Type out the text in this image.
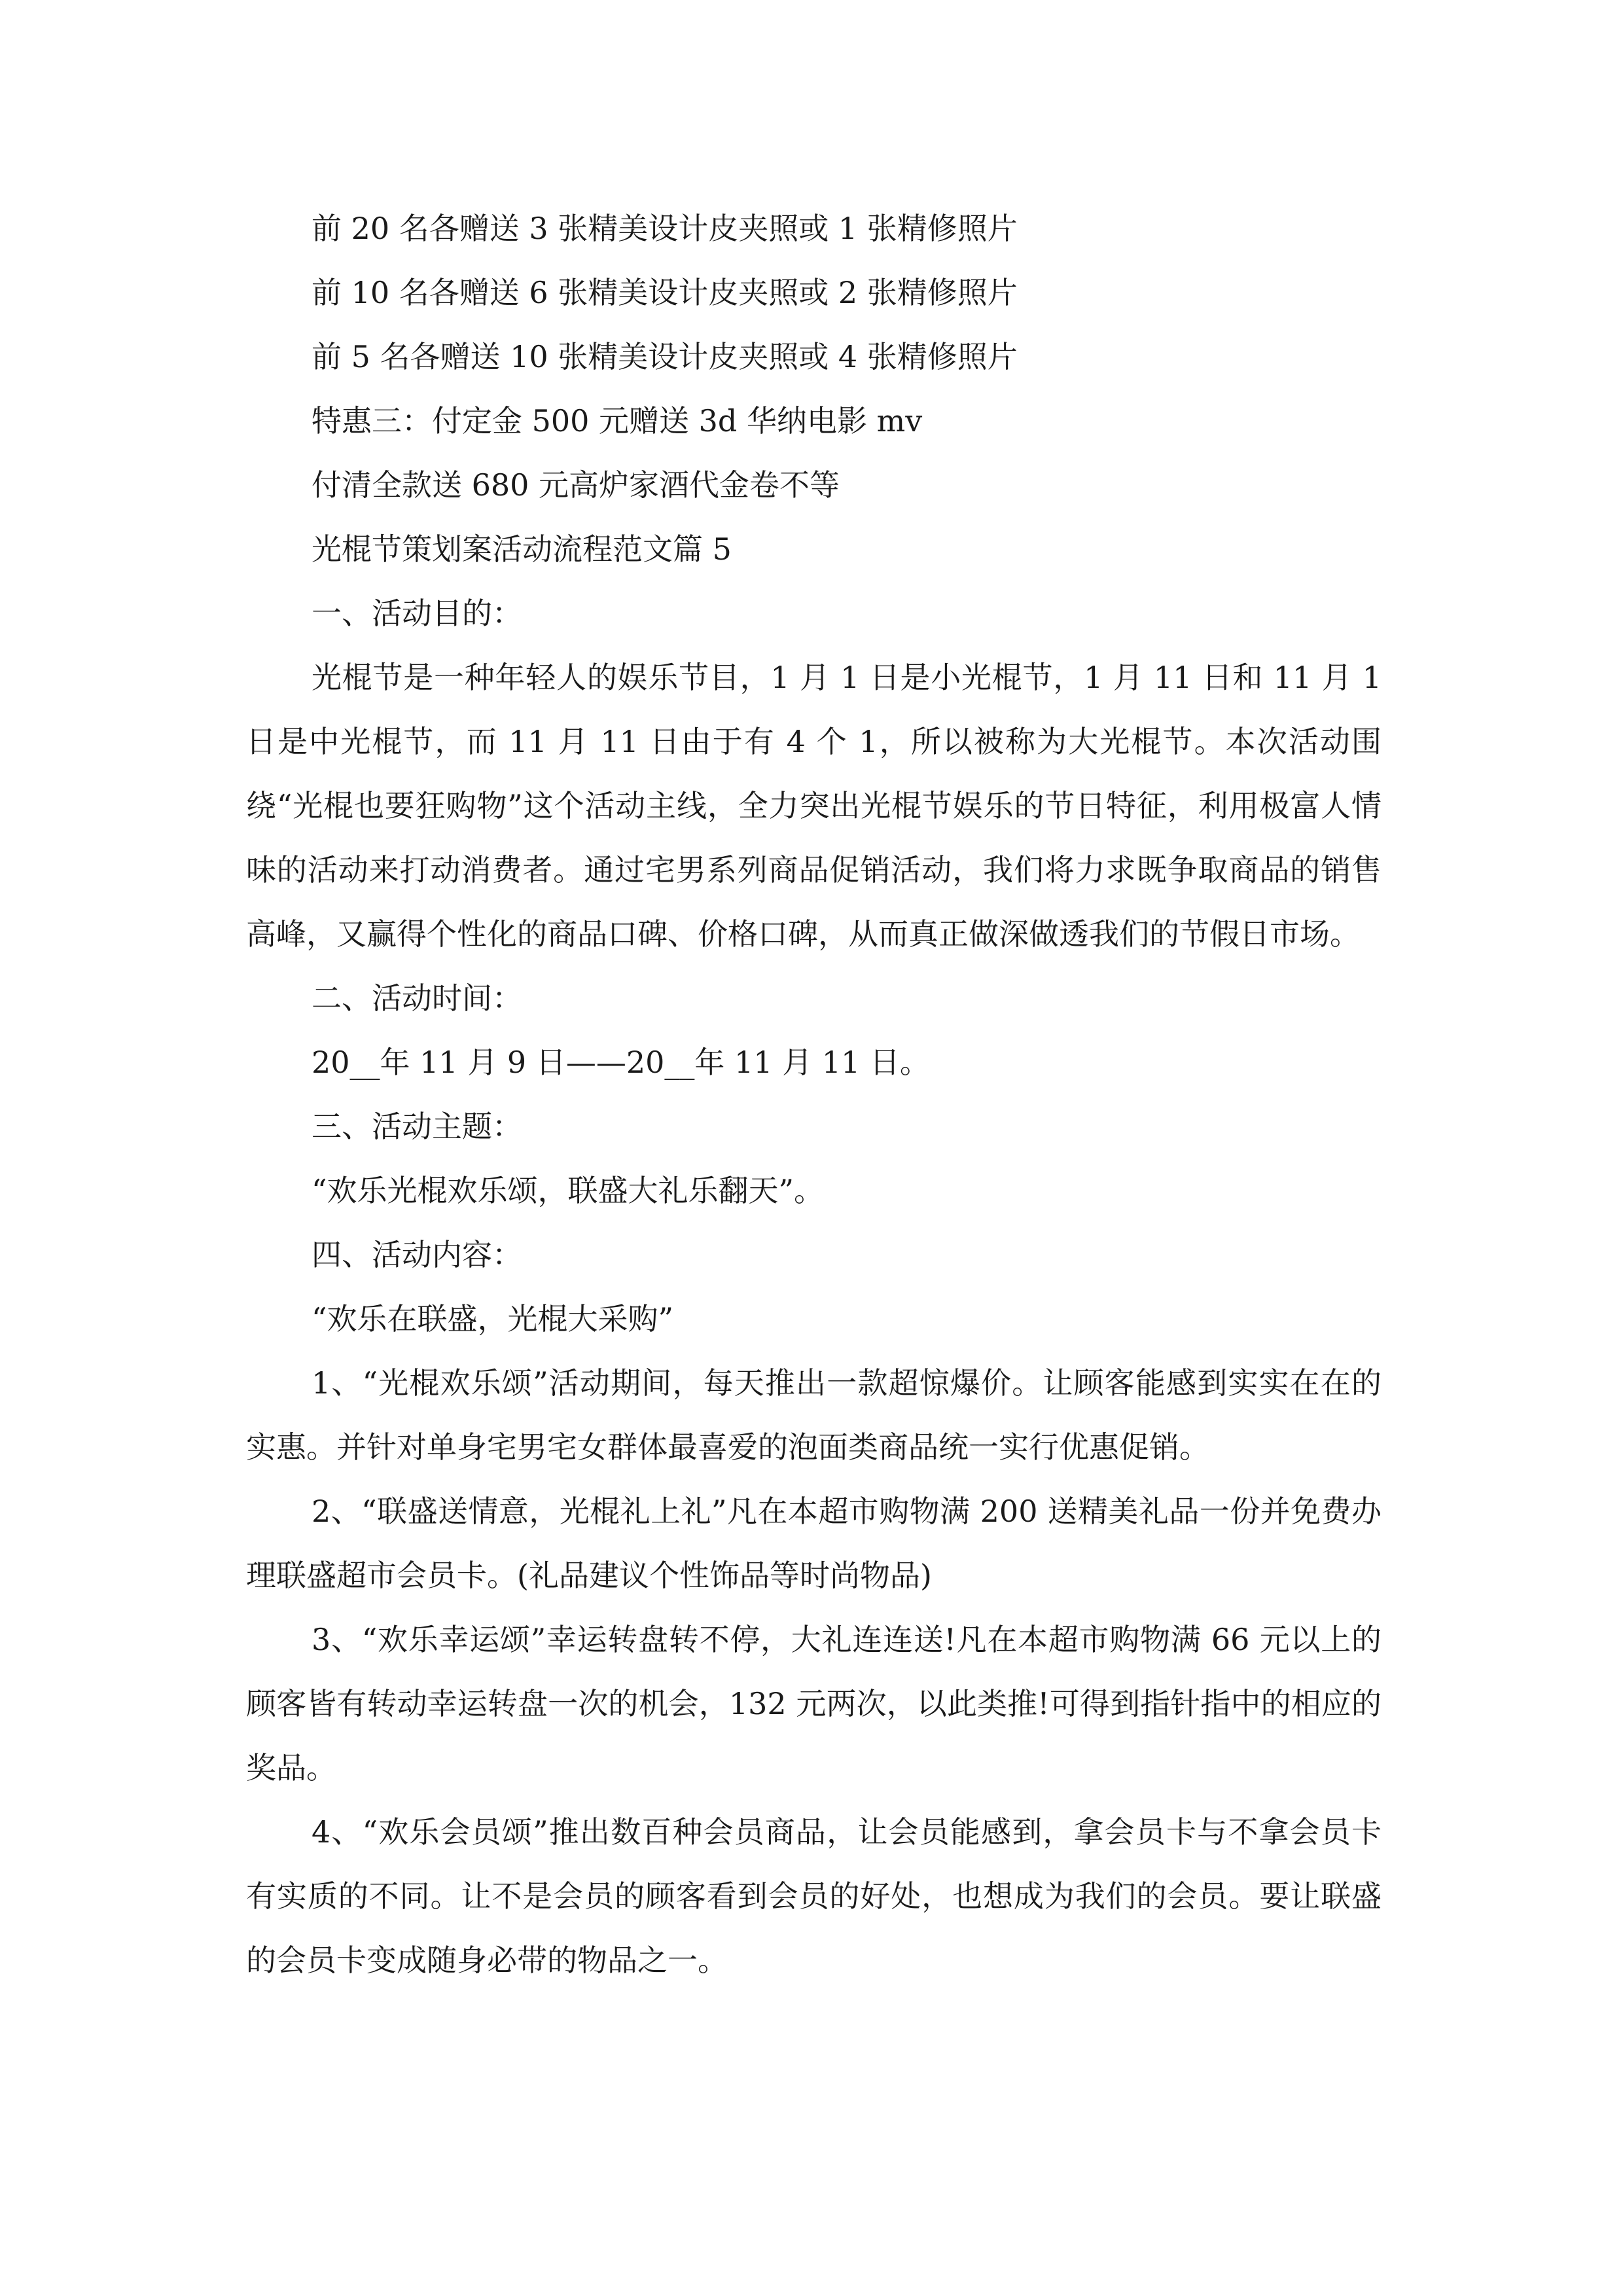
前 20 名各赠送 3 张精美设计皮夹照或 1 张精修照片

前 10 名各赠送 6 张精美设计皮夹照或 2 张精修照片

前 5 名各赠送 10 张精美设计皮夹照或 4 张精修照片

特惠三：付定金 500 元赠送 3d 华纳电影 mv

付清全款送 680 元高炉家酒代金卷不等

光棍节策划案活动流程范文篇 5

一、活动目的：

光棍节是一种年轻人的娱乐节目，1 月 1 日是小光棍节，1 月 11 日和 11 月 1 日是中光棍节，而 11 月 11 日由于有 4 个 1，所以被称为大光棍节。本次活动围绕“光棍也要狂购物”这个活动主线，全力突出光棍节娱乐的节日特征，利用极富人情味的活动来打动消费者。通过宅男系列商品促销活动，我们将力求既争取商品的销售高峰，又赢得个性化的商品口碑、价格口碑，从而真正做深做透我们的节假日市场。

二、活动时间：

20__年 11 月 9 日——20__年 11 月 11 日。

三、活动主题：

“欢乐光棍欢乐颂，联盛大礼乐翻天”。

四、活动内容：

“欢乐在联盛，光棍大采购”

1、“光棍欢乐颂”活动期间，每天推出一款超惊爆价。让顾客能感到实实在在的实惠。并针对单身宅男宅女群体最喜爱的泡面类商品统一实行优惠促销。

2、“联盛送情意，光棍礼上礼”凡在本超市购物满 200 送精美礼品一份并免费办理联盛超市会员卡。(礼品建议个性饰品等时尚物品)

3、“欢乐幸运颂”幸运转盘转不停，大礼连连送!凡在本超市购物满 66 元以上的顾客皆有转动幸运转盘一次的机会，132 元两次，以此类推!可得到指针指中的相应的奖品。

4、“欢乐会员颂”推出数百种会员商品，让会员能感到，拿会员卡与不拿会员卡有实质的不同。让不是会员的顾客看到会员的好处，也想成为我们的会员。要让联盛的会员卡变成随身必带的物品之一。
